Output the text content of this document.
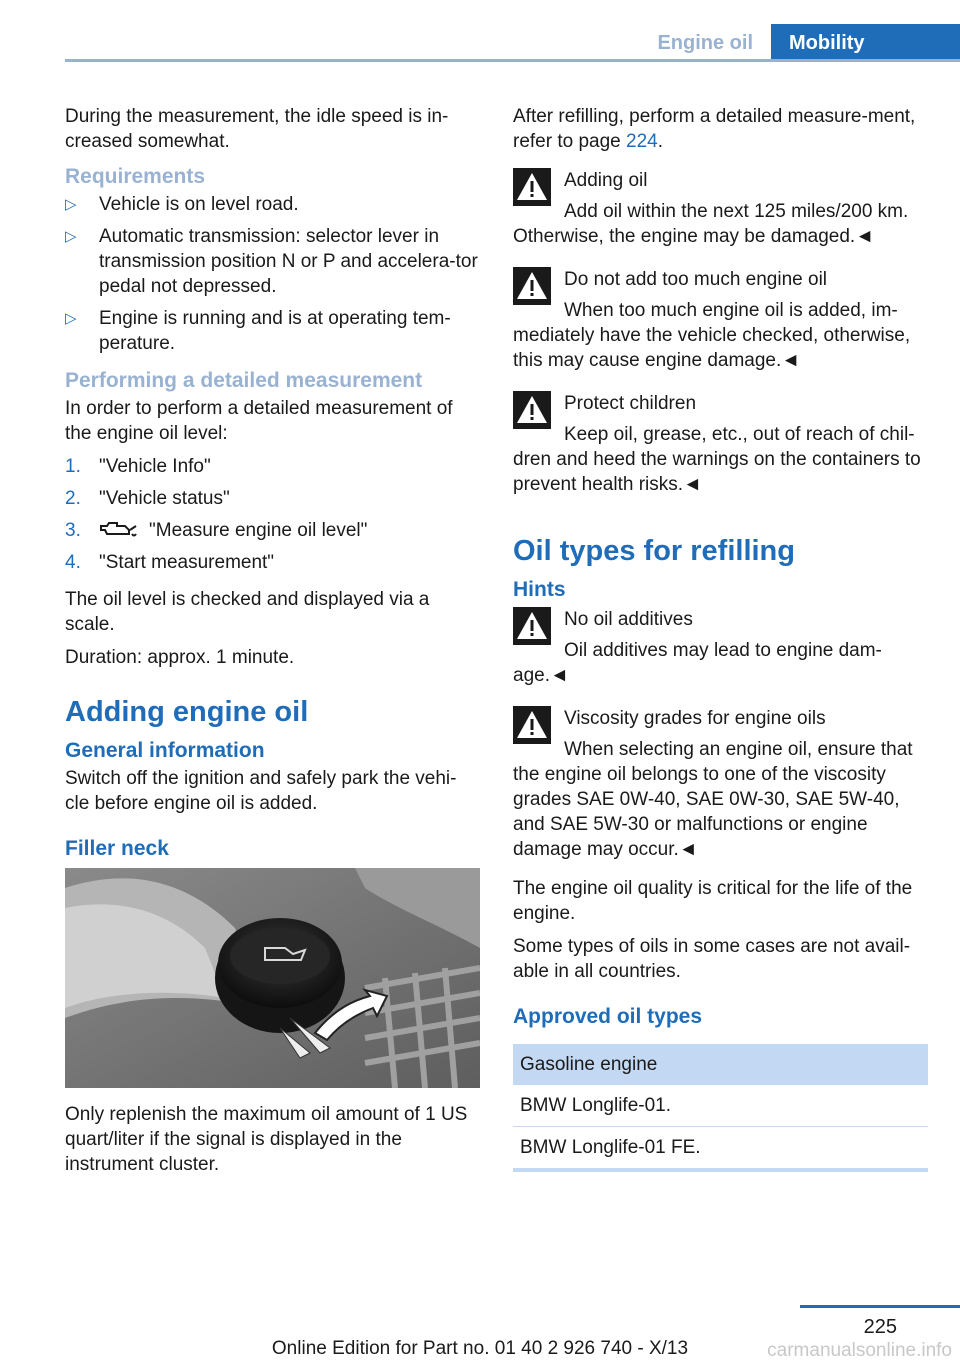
Engine oil	Mobility

During the measurement, the idle speed is in‐creased somewhat.

Requirements
▷ Vehicle is on level road.
▷ Automatic transmission: selector lever in transmission position N or P and accelera‐tor pedal not depressed.
▷ Engine is running and is at operating tem‐perature.
Performing a detailed measurement

In order to perform a detailed measurement of the engine oil level:

1. "Vehicle Info"
2. "Vehicle status"
3.	"Measure engine oil level"
4. "Start measurement"

The oil level is checked and displayed via a scale.

Duration: approx. 1 minute.

Adding engine oil
General information

Switch off the ignition and safely park the vehi‐cle before engine oil is added.

Filler neck

Only replenish the maximum oil amount of 1 US quart/liter if the signal is displayed in the instrument cluster.

After refilling, perform a detailed measure‐ment, refer to page 224.

Adding oil
Add oil within the next 125 miles/200 km. Otherwise, the engine may be damaged.◄
Do not add too much engine oil
When too much engine oil is added, im‐mediately have the vehicle checked, otherwise, this may cause engine damage.◄
Protect children
Keep oil, grease, etc., out of reach of chil‐dren and heed the warnings on the containers to prevent health risks.◄
Oil types for refilling
Hints
No oil additives
Oil additives may lead to engine dam‐age.◄
Viscosity grades for engine oils
When selecting an engine oil, ensure that the engine oil belongs to one of the viscosity grades SAE 0W-40, SAE 0W-30, SAE 5W-40, and SAE 5W-30 or malfunctions or engine damage may occur.◄

The engine oil quality is critical for the life of the engine.

Some types of oils in some cases are not avail‐able in all countries.

Approved oil types
Gasoline engine
BMW Longlife-01.
BMW Longlife-01 FE.
225
Online Edition for Part no. 01 40 2 926 740 - X/13	carmanualsonline.info
